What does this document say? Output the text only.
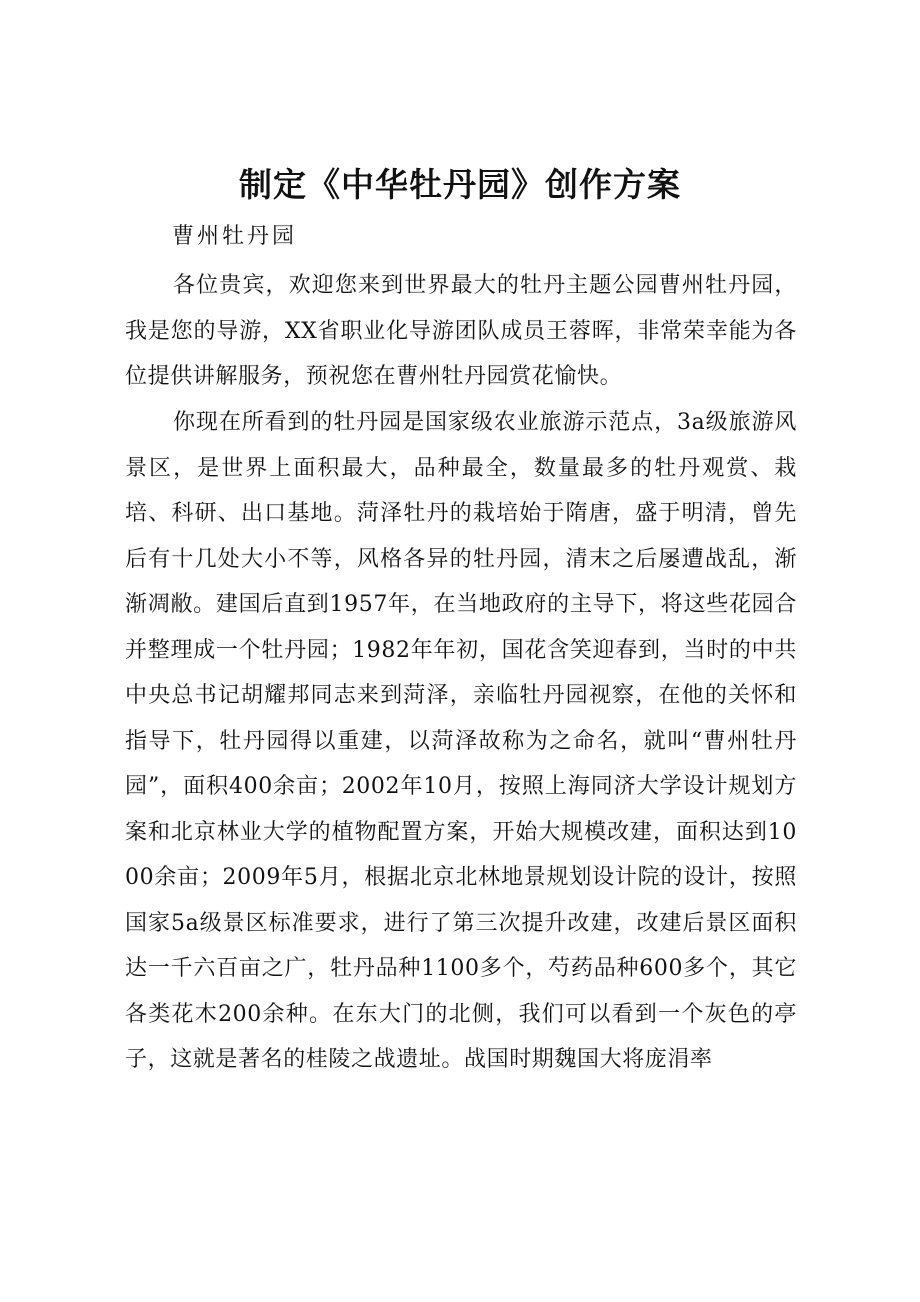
制定《中华牡丹园》创作方案

曹州牡丹园

各位贵宾，欢迎您来到世界最大的牡丹主题公园曹州牡丹园，我是您的导游，XX省职业化导游团队成员王蓉晖，非常荣幸能为各位提供讲解服务，预祝您在曹州牡丹园赏花愉快。

你现在所看到的牡丹园是国家级农业旅游示范点，3a级旅游风景区，是世界上面积最大，品种最全，数量最多的牡丹观赏、栽培、科研、出口基地。菏泽牡丹的栽培始于隋唐，盛于明清，曾先后有十几处大小不等，风格各异的牡丹园，清末之后屡遭战乱，渐渐凋敝。建国后直到1957年，在当地政府的主导下，将这些花园合并整理成一个牡丹园；1982年年初，国花含笑迎春到，当时的中共中央总书记胡耀邦同志来到菏泽，亲临牡丹园视察，在他的关怀和指导下，牡丹园得以重建，以菏泽故称为之命名，就叫“曹州牡丹园”，面积400余亩；2002年10月，按照上海同济大学设计规划方案和北京林业大学的植物配置方案，开始大规模改建，面积达到1000余亩；2009年5月，根据北京北林地景规划设计院的设计，按照国家5a级景区标准要求，进行了第三次提升改建，改建后景区面积达一千六百亩之广，牡丹品种1100多个，芍药品种600多个，其它各类花木200余种。在东大门的北侧，我们可以看到一个灰色的亭子，这就是著名的桂陵之战遗址。战国时期魏国大将庞涓率
